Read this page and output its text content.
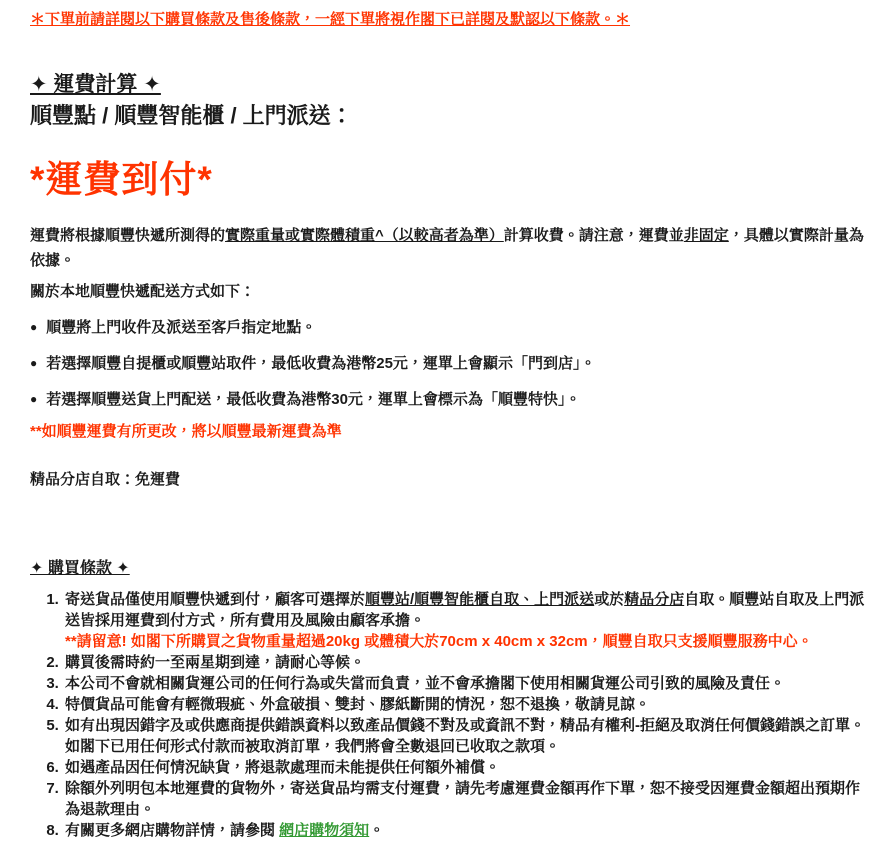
＊下單前請詳閱以下購買條款及售後條款，一經下單將視作閣下已詳閱及默認以下條款。＊
✦ 運費計算 ✦
順豐點 / 順豐智能櫃 / 上門派送：
*運費到付*
運費將根據順豐快遞所測得的實際重量或實際體積重^（以較高者為準）計算收費。請注意，運費並非固定，具體以實際計量為依據。
關於本地順豐快遞配送方式如下：
● 順豐將上門收件及派送至客戶指定地點。
● 若選擇順豐自提櫃或順豐站取件，最低收費為港幣25元，運單上會顯示「門到店」。
● 若選擇順豐送貨上門配送，最低收費為港幣30元，運單上會標示為「順豐特快」。
**如順豐運費有所更改，將以順豐最新運費為準
精品分店自取：免運費
✦ 購買條款 ✦
1. 寄送貨品僅使用順豐快遞到付，顧客可選擇於順豐站/順豐智能櫃自取、上門派送或於精品分店自取。順豐站自取及上門派送皆採用運費到付方式，所有費用及風險由顧客承擔。
**請留意! 如閣下所購買之貨物重量超過20kg 或體積大於70cm x 40cm x 32cm，順豐自取只支援順豐服務中心。
2. 購買後需時約一至兩星期到達，請耐心等候。
3. 本公司不會就相關貨運公司的任何行為或失當而負責，並不會承擔閣下使用相關貨運公司引致的風險及責任。
4. 特價貨品可能會有輕微瑕疵、外盒破損、雙封、膠紙斷開的情況，恕不退換，敬請見諒。
5. 如有出現因錯字及或供應商提供錯誤資料以致產品價錢不對及或資訊不對，精品有權利-拒絕及取消任何價錢錯誤之訂單。如閣下已用任何形式付款而被取消訂單，我們將會全數退回已收取之款項。
6. 如遇產品因任何情況缺貨，將退款處理而未能提供任何額外補償。
7. 除額外列明包本地運費的貨物外，寄送貨品均需支付運費，請先考慮運費金額再作下單，恕不接受因運費金額超出預期作為退款理由。
8. 有關更多網店購物詳情，請參閱 網店購物須知。
